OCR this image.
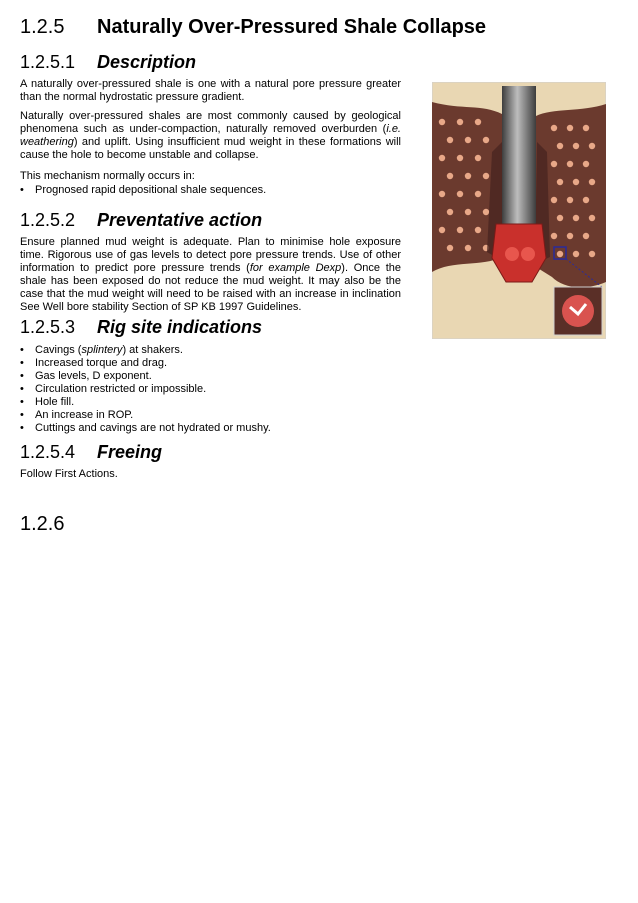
1.2.5 Naturally Over-Pressured Shale Collapse
1.2.5.1 Description
A naturally over-pressured shale is one with a natural pore pressure greater than the normal hydrostatic pressure gradient.
Naturally over-pressured shales are most commonly caused by geological phenomena such as under-compaction, naturally removed overburden (i.e. weathering) and uplift. Using insufficient mud weight in these formations will cause the hole to become unstable and collapse.
This mechanism normally occurs in:
• Prognosed rapid depositional shale sequences.
1.2.5.2 Preventative action
Ensure planned mud weight is adequate. Plan to minimise hole exposure time. Rigorous use of gas levels to detect pore pressure trends. Use of other information to predict pore pressure trends (for example Dexp). Once the shale has been exposed do not reduce the mud weight. It may also be the case that the mud weight will need to be raised with an increase in inclination See Well bore stability Section of SP KB 1997 Guidelines.
1.2.5.3 Rig site indications
• Cavings (splintery) at shakers.
• Increased torque and drag.
• Gas levels, D exponent.
• Circulation restricted or impossible.
• Hole fill.
• An increase in ROP.
• Cuttings and cavings are not hydrated or mushy.
1.2.5.4 Freeing
Follow First Actions.
1.2.6
